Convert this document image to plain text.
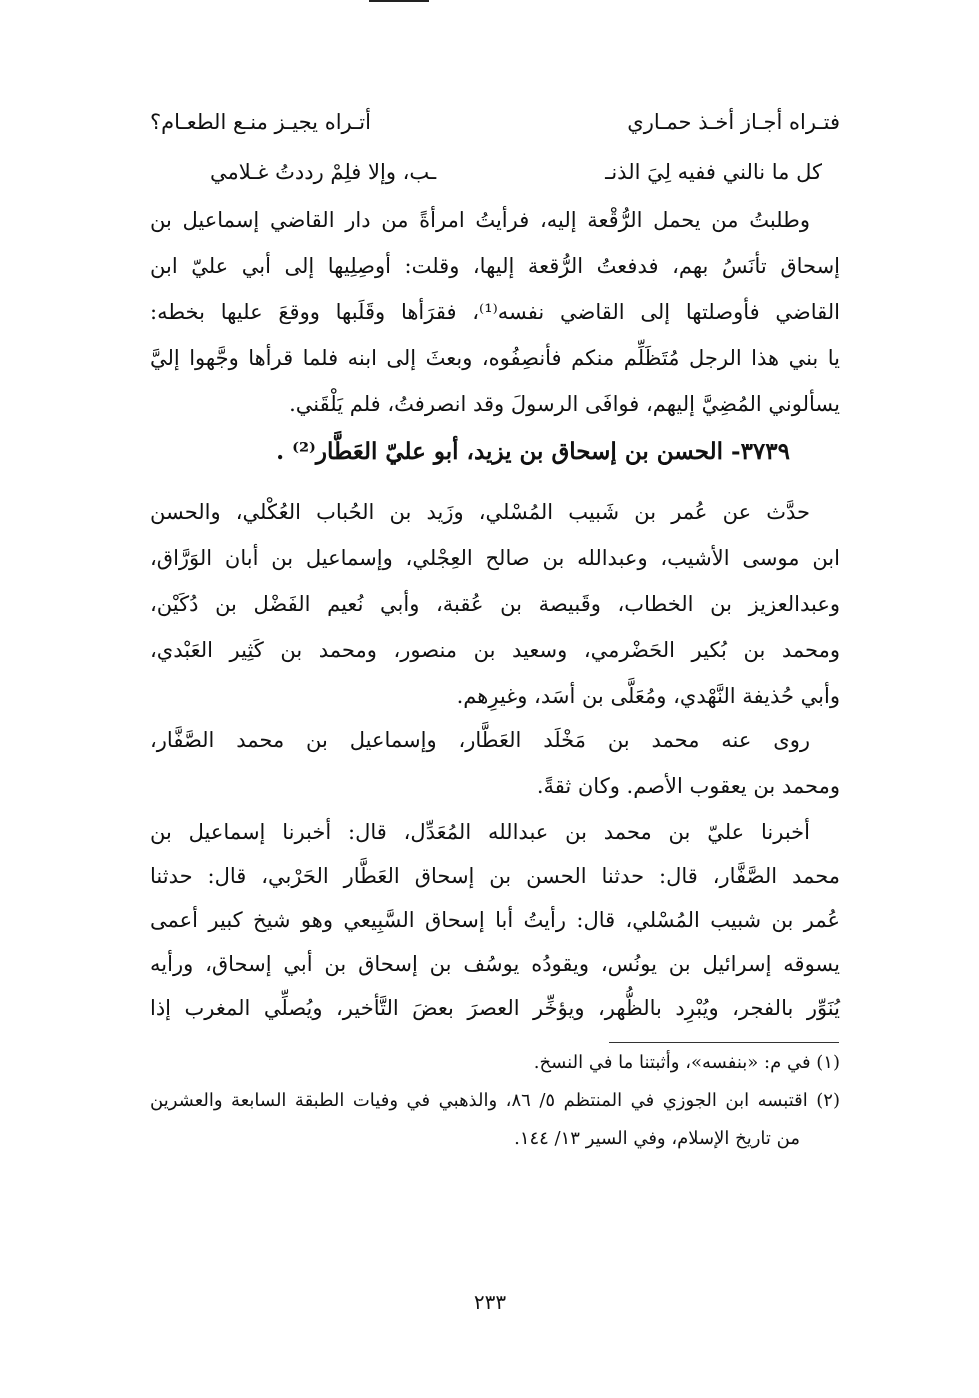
فتـراه أجـاز أخـذ حمـاري
أتـراه يجيـز منـع الطعـام؟
كل ما نالني ففيه لِيَ الذنـ
ـب، وإلا فلِمْ رددتُ غـلامي
وطلبتُ من يحمل الرُّقْعة إليه، فرأيتُ امرأةً من دار القاضي إسماعيل بن
إسحاق تأنَسُ بهم، فدفعتُ الرُّقعة إليها، وقلت: أوصِلِيها إلى أبي عليّ ابن
القاضي فأوصلتها إلى القاضي نفسه⁽¹⁾، فقرَأها وقَلَبها ووقعَ عليها بخطه:
يا بني هذا الرجل مُتَظَلِّم منكم فأنصِفُوه، وبعثَ إلى ابنه فلما قرأها وجَّهوا إليَّ
يسألوني المُضِيَّ إليهم، فوافَى الرسولَ وقد انصرفتُ، فلم يَلْقَني.
٣٧٣٩- الحسن بن إسحاق بن يزيد، أبو عليّ العَطَّار⁽²⁾ .
حدَّث عن عُمر بن شَبيب المُسْلي، وزَيد بن الحُباب العُكْلي، والحسن
ابن موسى الأشيب، وعبدالله بن صالح العِجْلي، وإسماعيل بن أبان الوَرَّاق،
وعبدالعزيز بن الخطاب، وقَبيصة بن عُقبة، وأبي نُعيم الفَضْل بن دُكَيْن،
ومحمد بن بُكير الحَضْرمي، وسعيد بن منصور، ومحمد بن كَثِير العَبْدي،
وأبي حُذيفة النَّهْدي، ومُعَلَّى بن أسَد، وغيرِهم.
روى عنه محمد بن مَخْلَد العَطَّار، وإسماعيل بن محمد الصَّفَّار،
ومحمد بن يعقوب الأصم. وكان ثقةً.
أخبرنا عليّ بن محمد بن عبدالله المُعَدِّل، قال: أخبرنا إسماعيل بن
محمد الصَّفَّار، قال: حدثنا الحسن بن إسحاق العَطَّار الحَرْبي، قال: حدثنا
عُمر بن شبيب المُسْلي، قال: رأيتُ أبا إسحاق السَّبِيعي وهو شيخ كبير أعمى
يسوقه إسرائيل بن يونُس، ويقودُه يوسُف بن إسحاق بن أبي إسحاق، ورأيه
يُنَوِّر بالفجر، ويُبْرِد بالظُّهر، ويؤخِّر العصرَ بعضَ التَّأخير، ويُصلِّي المغرب إذا
(١) في م: «بنفسه»، وأثبتنا ما في النسخ.
(٢) اقتبسه ابن الجوزي في المنتظم ٥/ ٨٦، والذهبي في وفيات الطبقة السابعة والعشرين
من تاريخ الإسلام، وفي السير ١٣/ ١٤٤.
٢٣٣
